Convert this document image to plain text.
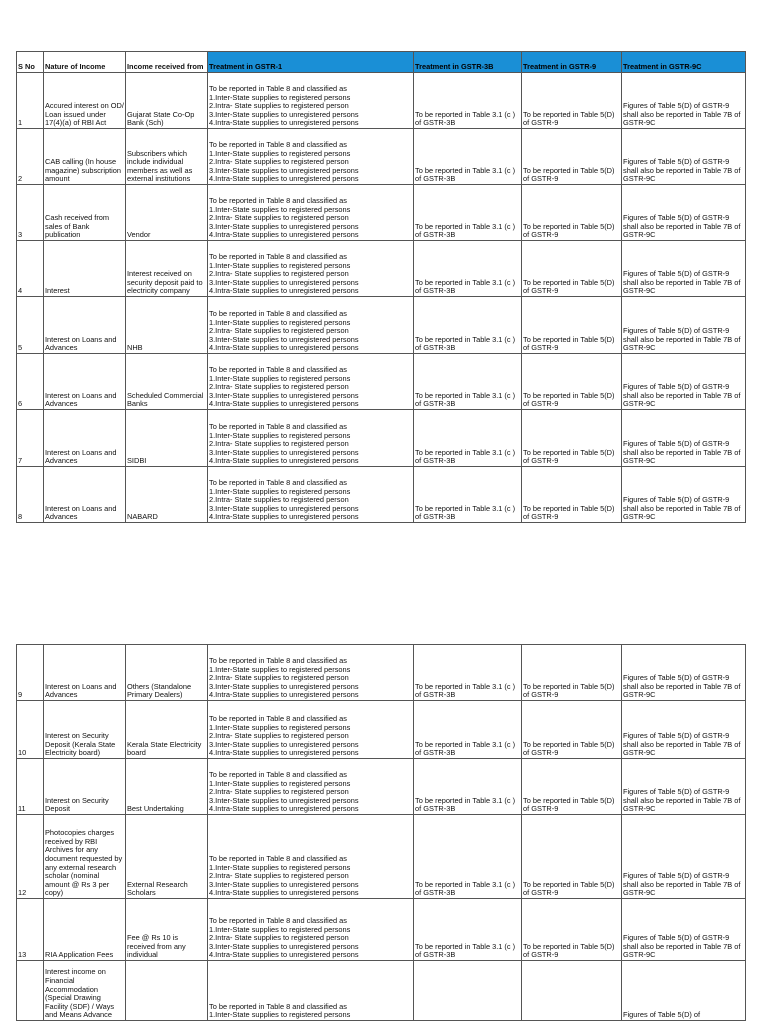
S No	Nature of Income	Income received from	Treatment in GSTR-1	Treatment in GSTR-3B	Treatment in GSTR-9	Treatment in GSTR-9C
1	Accured interest on OD/ Loan issued under 17(4)(a) of RBI Act	Gujarat State Co-Op Bank (Sch)	To be reported in Table 8 and classified as
1.Inter-State supplies to registered persons
2.Intra- State supplies to registered person
3.Inter-State supplies to unregistered persons
4.Intra-State supplies to unregistered persons	To be reported in Table 3.1 (c ) of GSTR-3B	To be reported in Table 5(D) of GSTR-9	Figures of Table 5(D) of GSTR-9 shall also be reported in Table 7B of GSTR-9C
2	CAB calling (In house magazine) subscription amount	Subscribers which include individual members as well as external institutions	To be reported in Table 8 and classified as
1.Inter-State supplies to registered persons
2.Intra- State supplies to registered person
3.Inter-State supplies to unregistered persons
4.Intra-State supplies to unregistered persons	To be reported in Table 3.1 (c ) of GSTR-3B	To be reported in Table 5(D) of GSTR-9	Figures of Table 5(D) of GSTR-9 shall also be reported in Table 7B of GSTR-9C
3	Cash received from sales of Bank publication	Vendor	To be reported in Table 8 and classified as
1.Inter-State supplies to registered persons
2.Intra- State supplies to registered person
3.Inter-State supplies to unregistered persons
4.Intra-State supplies to unregistered persons	To be reported in Table 3.1 (c ) of GSTR-3B	To be reported in Table 5(D) of GSTR-9	Figures of Table 5(D) of GSTR-9 shall also be reported in Table 7B of GSTR-9C
4	Interest	Interest received on security deposit paid to electricity company	To be reported in Table 8 and classified as
1.Inter-State supplies to registered persons
2.Intra- State supplies to registered person
3.Inter-State supplies to unregistered persons
4.Intra-State supplies to unregistered persons	To be reported in Table 3.1 (c ) of GSTR-3B	To be reported in Table 5(D) of GSTR-9	Figures of Table 5(D) of GSTR-9 shall also be reported in Table 7B of GSTR-9C
5	Interest on Loans and Advances	NHB	To be reported in Table 8 and classified as
1.Inter-State supplies to registered persons
2.Intra- State supplies to registered person
3.Inter-State supplies to unregistered persons
4.Intra-State supplies to unregistered persons	To be reported in Table 3.1 (c ) of GSTR-3B	To be reported in Table 5(D) of GSTR-9	Figures of Table 5(D) of GSTR-9 shall also be reported in Table 7B of GSTR-9C
6	Interest on Loans and Advances	Scheduled Commercial Banks	To be reported in Table 8 and classified as
1.Inter-State supplies to registered persons
2.Intra- State supplies to registered person
3.Inter-State supplies to unregistered persons
4.Intra-State supplies to unregistered persons	To be reported in Table 3.1 (c ) of GSTR-3B	To be reported in Table 5(D) of GSTR-9	Figures of Table 5(D) of GSTR-9 shall also be reported in Table 7B of GSTR-9C
7	Interest on Loans and Advances	SIDBI	To be reported in Table 8 and classified as
1.Inter-State supplies to registered persons
2.Intra- State supplies to registered person
3.Inter-State supplies to unregistered persons
4.Intra-State supplies to unregistered persons	To be reported in Table 3.1 (c ) of GSTR-3B	To be reported in Table 5(D) of GSTR-9	Figures of Table 5(D) of GSTR-9 shall also be reported in Table 7B of GSTR-9C
8	Interest on Loans and Advances	NABARD	To be reported in Table 8 and classified as
1.Inter-State supplies to registered persons
2.Intra- State supplies to registered person
3.Inter-State supplies to unregistered persons
4.Intra-State supplies to unregistered persons	To be reported in Table 3.1 (c ) of GSTR-3B	To be reported in Table 5(D) of GSTR-9	Figures of Table 5(D) of GSTR-9 shall also be reported in Table 7B of GSTR-9C
9	Interest on Loans and Advances	Others (Standalone Primary Dealers)	To be reported in Table 8 and classified as
1.Inter-State supplies to registered persons
2.Intra- State supplies to registered person
3.Inter-State supplies to unregistered persons
4.Intra-State supplies to unregistered persons	To be reported in Table 3.1 (c ) of GSTR-3B	To be reported in Table 5(D) of GSTR-9	Figures of Table 5(D) of GSTR-9 shall also be reported in Table 7B of GSTR-9C
10	Interest on Security Deposit (Kerala State Electricity board)	Kerala State Electricity board	To be reported in Table 8 and classified as
1.Inter-State supplies to registered persons
2.Intra- State supplies to registered person
3.Inter-State supplies to unregistered persons
4.Intra-State supplies to unregistered persons	To be reported in Table 3.1 (c ) of GSTR-3B	To be reported in Table 5(D) of GSTR-9	Figures of Table 5(D) of GSTR-9 shall also be reported in Table 7B of GSTR-9C
11	Interest on Security Deposit	Best Undertaking	To be reported in Table 8 and classified as
1.Inter-State supplies to registered persons
2.Intra- State supplies to registered person
3.Inter-State supplies to unregistered persons
4.Intra-State supplies to unregistered persons	To be reported in Table 3.1 (c ) of GSTR-3B	To be reported in Table 5(D) of GSTR-9	Figures of Table 5(D) of GSTR-9 shall also be reported in Table 7B of GSTR-9C
12	Photocopies charges received by RBI Archives for any document requested by any external research scholar (nominal amount @ Rs 3 per copy)	External Research Scholars	To be reported in Table 8 and classified as
1.Inter-State supplies to registered persons
2.Intra- State supplies to registered person
3.Inter-State supplies to unregistered persons
4.Intra-State supplies to unregistered persons	To be reported in Table 3.1 (c ) of GSTR-3B	To be reported in Table 5(D) of GSTR-9	Figures of Table 5(D) of GSTR-9 shall also be reported in Table 7B of GSTR-9C
13	RIA Application Fees	Fee @ Rs 10 is received from any individual	To be reported in Table 8 and classified as
1.Inter-State supplies to registered persons
2.Intra- State supplies to registered person
3.Inter-State supplies to unregistered persons
4.Intra-State supplies to unregistered persons	To be reported in Table 3.1 (c ) of GSTR-3B	To be reported in Table 5(D) of GSTR-9	Figures of Table 5(D) of GSTR-9 shall also be reported in Table 7B of GSTR-9C
	Interest income on Financial Accommodation (Special Drawing Facility (SDF) / Ways and Means Advance		To be reported in Table 8 and classified as
1.Inter-State supplies to registered persons			Figures of Table 5(D) of
